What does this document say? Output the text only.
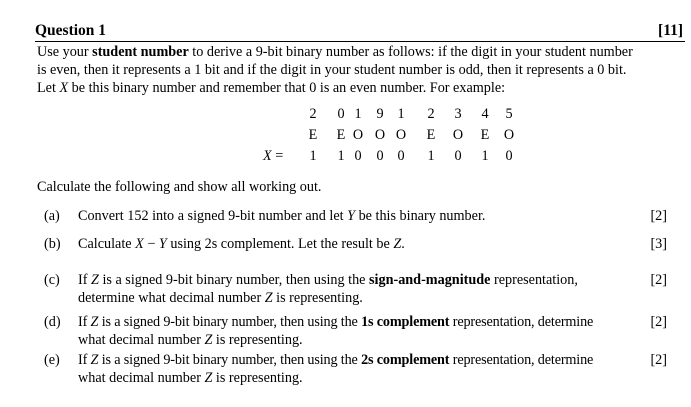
Question 1	[11]
Use your student number to derive a 9-bit binary number as follows: if the digit in your student number
is even, then it represents a 1 bit and if the digit in your student number is odd, then it represents a 0 bit.
Let X be this binary number and remember that 0 is an even number. For example:
X =
2 0 1 9 1 2 3 4 5
E E O O O E O E O
1 1 0 0 0 1 0 1 0
Calculate the following and show all working out.
(a) Convert 152 into a signed 9-bit number and let Y be this binary number.	[2]
(b) Calculate X − Y using 2s complement. Let the result be Z.	[3]
(c) If Z is a signed 9-bit binary number, then using the sign-and-magnitude representation,
determine what decimal number Z is representing.
[2]
(d) If Z is a signed 9-bit binary number, then using the 1s complement representation, determine
what decimal number Z is representing.
[2]
(e) If Z is a signed 9-bit binary number, then using the 2s complement representation, determine
what decimal number Z is representing.
[2]
